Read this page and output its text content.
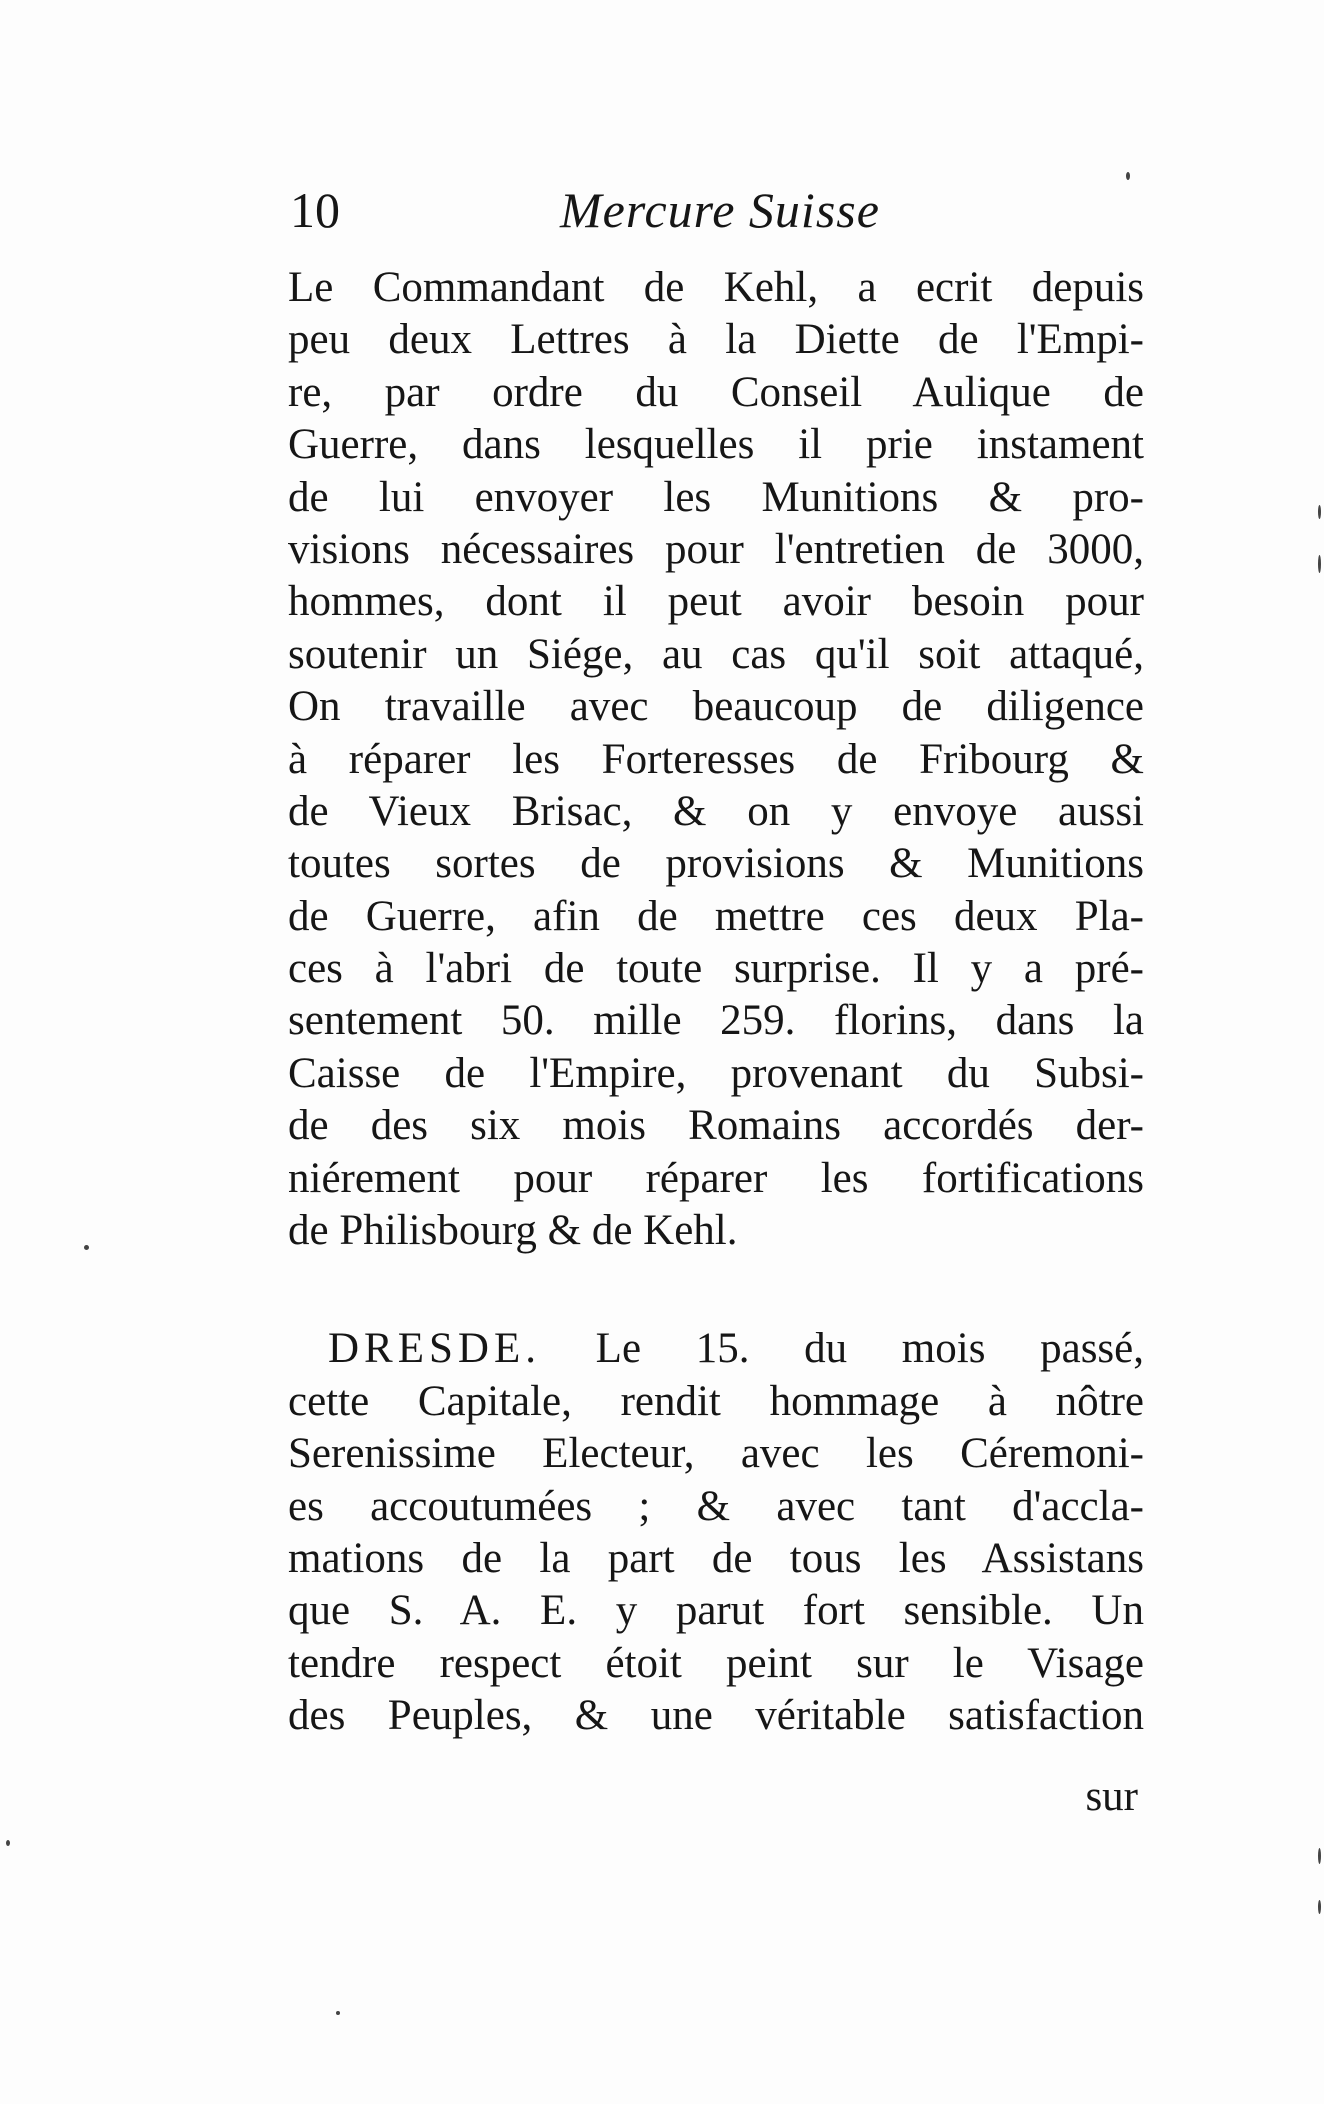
10	Mercure Suisse
Le Commandant de Kehl, a ecrit depuis
peu deux Lettres à la Diette de l'Empi-
re, par ordre du Conseil Aulique de
Guerre, dans lesquelles il prie instament
de lui envoyer les Munitions & pro-
visions nécessaires pour l'entretien de 3000,
hommes, dont il peut avoir besoin pour
soutenir un Siége, au cas qu'il soit attaqué,
On travaille avec beaucoup de diligence
à réparer les Forteresses de Fribourg &
de Vieux Brisac, & on y envoye aussi
toutes sortes de provisions & Munitions
de Guerre, afin de mettre ces deux Pla-
ces à l'abri de toute surprise. Il y a pré-
sentement 50. mille 259. florins, dans la
Caisse de l'Empire, provenant du Subsi-
de des six mois Romains accordés der-
niérement pour réparer les fortifications
de Philisbourg & de Kehl.
DRESDE. Le 15. du mois passé,
cette Capitale, rendit hommage à nôtre
Serenissime Electeur, avec les Céremoni-
es accoutumées ; & avec tant d'accla-
mations de la part de tous les Assistans
que S. A. E. y parut fort sensible. Un
tendre respect étoit peint sur le Visage
des Peuples, & une véritable satisfaction
sur
